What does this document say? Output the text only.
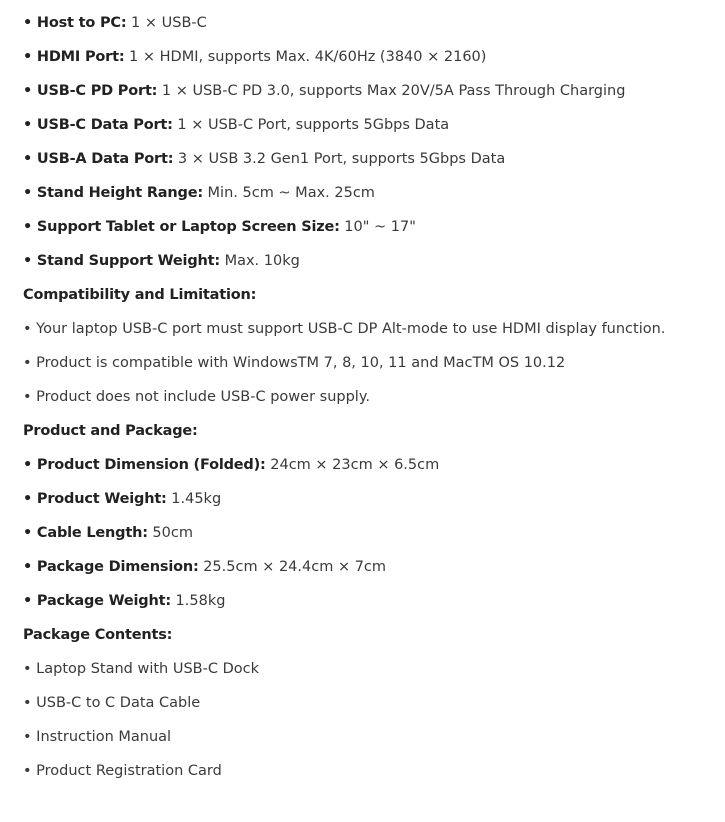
• Host to PC: 1 × USB-C
• HDMI Port: 1 × HDMI, supports Max. 4K/60Hz (3840 × 2160)
• USB-C PD Port: 1 × USB-C PD 3.0, supports Max 20V/5A Pass Through Charging
• USB-C Data Port: 1 × USB-C Port, supports 5Gbps Data
• USB-A Data Port: 3 × USB 3.2 Gen1 Port, supports 5Gbps Data
• Stand Height Range: Min. 5cm ~ Max. 25cm
• Support Tablet or Laptop Screen Size: 10" ~ 17"
• Stand Support Weight: Max. 10kg
Compatibility and Limitation:
• Your laptop USB-C port must support USB-C DP Alt-mode to use HDMI display function.
• Product is compatible with WindowsTM 7, 8, 10, 11 and MacTM OS 10.12
• Product does not include USB-C power supply.
Product and Package:
• Product Dimension (Folded): 24cm × 23cm × 6.5cm
• Product Weight: 1.45kg
• Cable Length: 50cm
• Package Dimension: 25.5cm × 24.4cm × 7cm
• Package Weight: 1.58kg
Package Contents:
• Laptop Stand with USB-C Dock
• USB-C to C Data Cable
• Instruction Manual
• Product Registration Card
